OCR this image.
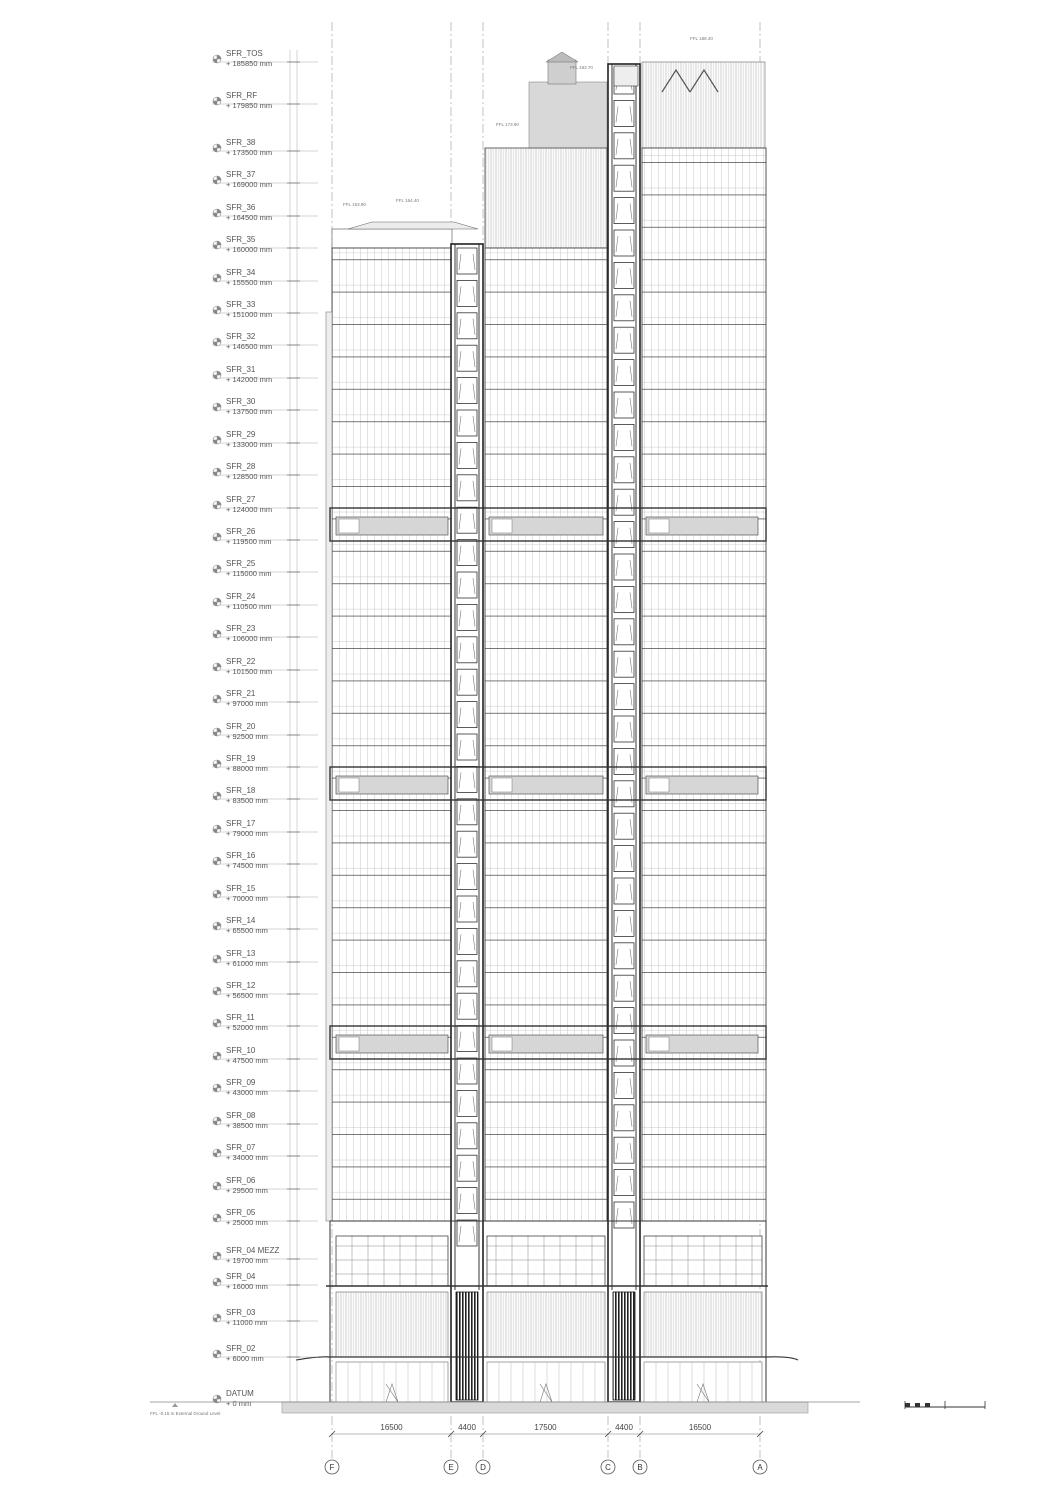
SFR_TOS
+ 185850 mm
SFR_RF
+ 179850 mm
SFR_38
+ 173500 mm
SFR_37
+ 169000 mm
SFR_36
+ 164500 mm
SFR_35
+ 160000 mm
SFR_34
+ 155500 mm
SFR_33
+ 151000 mm
SFR_32
+ 146500 mm
SFR_31
+ 142000 mm
SFR_30
+ 137500 mm
SFR_29
+ 133000 mm
SFR_28
+ 128500 mm
SFR_27
+ 124000 mm
SFR_26
+ 119500 mm
SFR_25
+ 115000 mm
SFR_24
+ 110500 mm
SFR_23
+ 106000 mm
SFR_22
+ 101500 mm
SFR_21
+ 97000 mm
SFR_20
+ 92500 mm
SFR_19
+ 88000 mm
SFR_18
+ 83500 mm
SFR_17
+ 79000 mm
SFR_16
+ 74500 mm
SFR_15
+ 70000 mm
SFR_14
+ 65500 mm
SFR_13
+ 61000 mm
SFR_12
+ 56500 mm
SFR_11
+ 52000 mm
SFR_10
+ 47500 mm
SFR_09
+ 43000 mm
SFR_08
+ 38500 mm
SFR_07
+ 34000 mm
SFR_06
+ 29500 mm
SFR_05
+ 25000 mm
SFR_04 MEZZ
+ 19700 mm
SFR_04
+ 16000 mm
SFR_03
+ 11000 mm
SFR_02
+ 6000 mm
DATUM
+ 0 mm
16500	4400	17500	4400	16500
F	E	D	C	B	A
FFL 188.40
FFL 183.70
FFL 173.90
FFL 164.40
FFL 163.90
FFL -0.15 m External Ground Level
